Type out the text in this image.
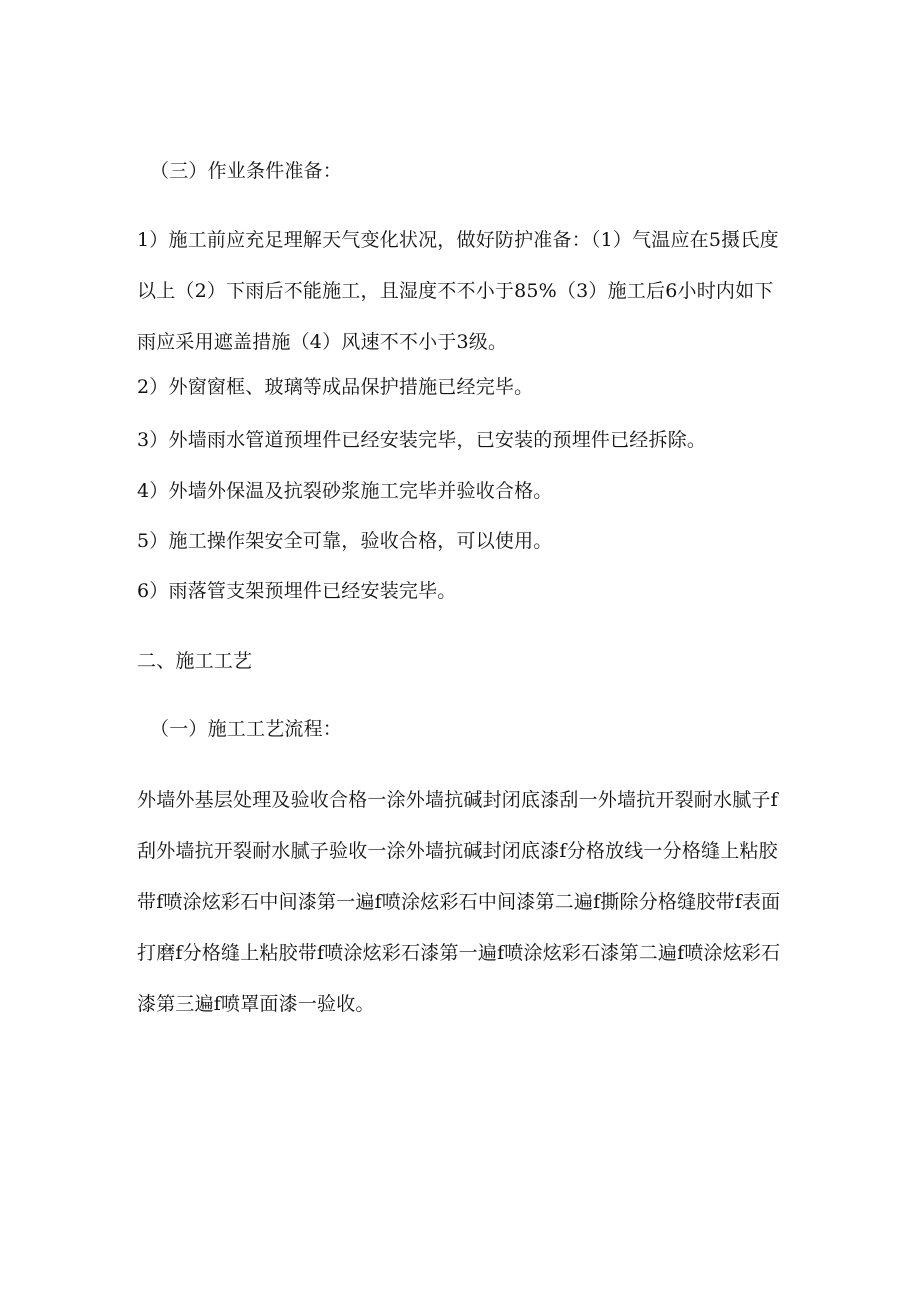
（三）作业条件准备：

1）施工前应充足理解天气变化状况，做好防护准备：（1）气温应在5摄氏度以上（2）下雨后不能施工，且湿度不不小于85%（3）施工后6小时内如下雨应采用遮盖措施（4）风速不不小于3级。

2）外窗窗框、玻璃等成品保护措施已经完毕。

3）外墙雨水管道预埋件已经安装完毕，已安装的预埋件已经拆除。

4）外墙外保温及抗裂砂浆施工完毕并验收合格。

5）施工操作架安全可靠，验收合格，可以使用。

6）雨落管支架预埋件已经安装完毕。

二、施工工艺

（一）施工工艺流程：

外墙外基层处理及验收合格一涂外墙抗碱封闭底漆刮一外墙抗开裂耐水腻子f刮外墙抗开裂耐水腻子验收一涂外墙抗碱封闭底漆f分格放线一分格缝上粘胶带f喷涂炫彩石中间漆第一遍f喷涂炫彩石中间漆第二遍f撕除分格缝胶带f表面打磨f分格缝上粘胶带f喷涂炫彩石漆第一遍f喷涂炫彩石漆第二遍f喷涂炫彩石漆第三遍f喷罩面漆一验收。
